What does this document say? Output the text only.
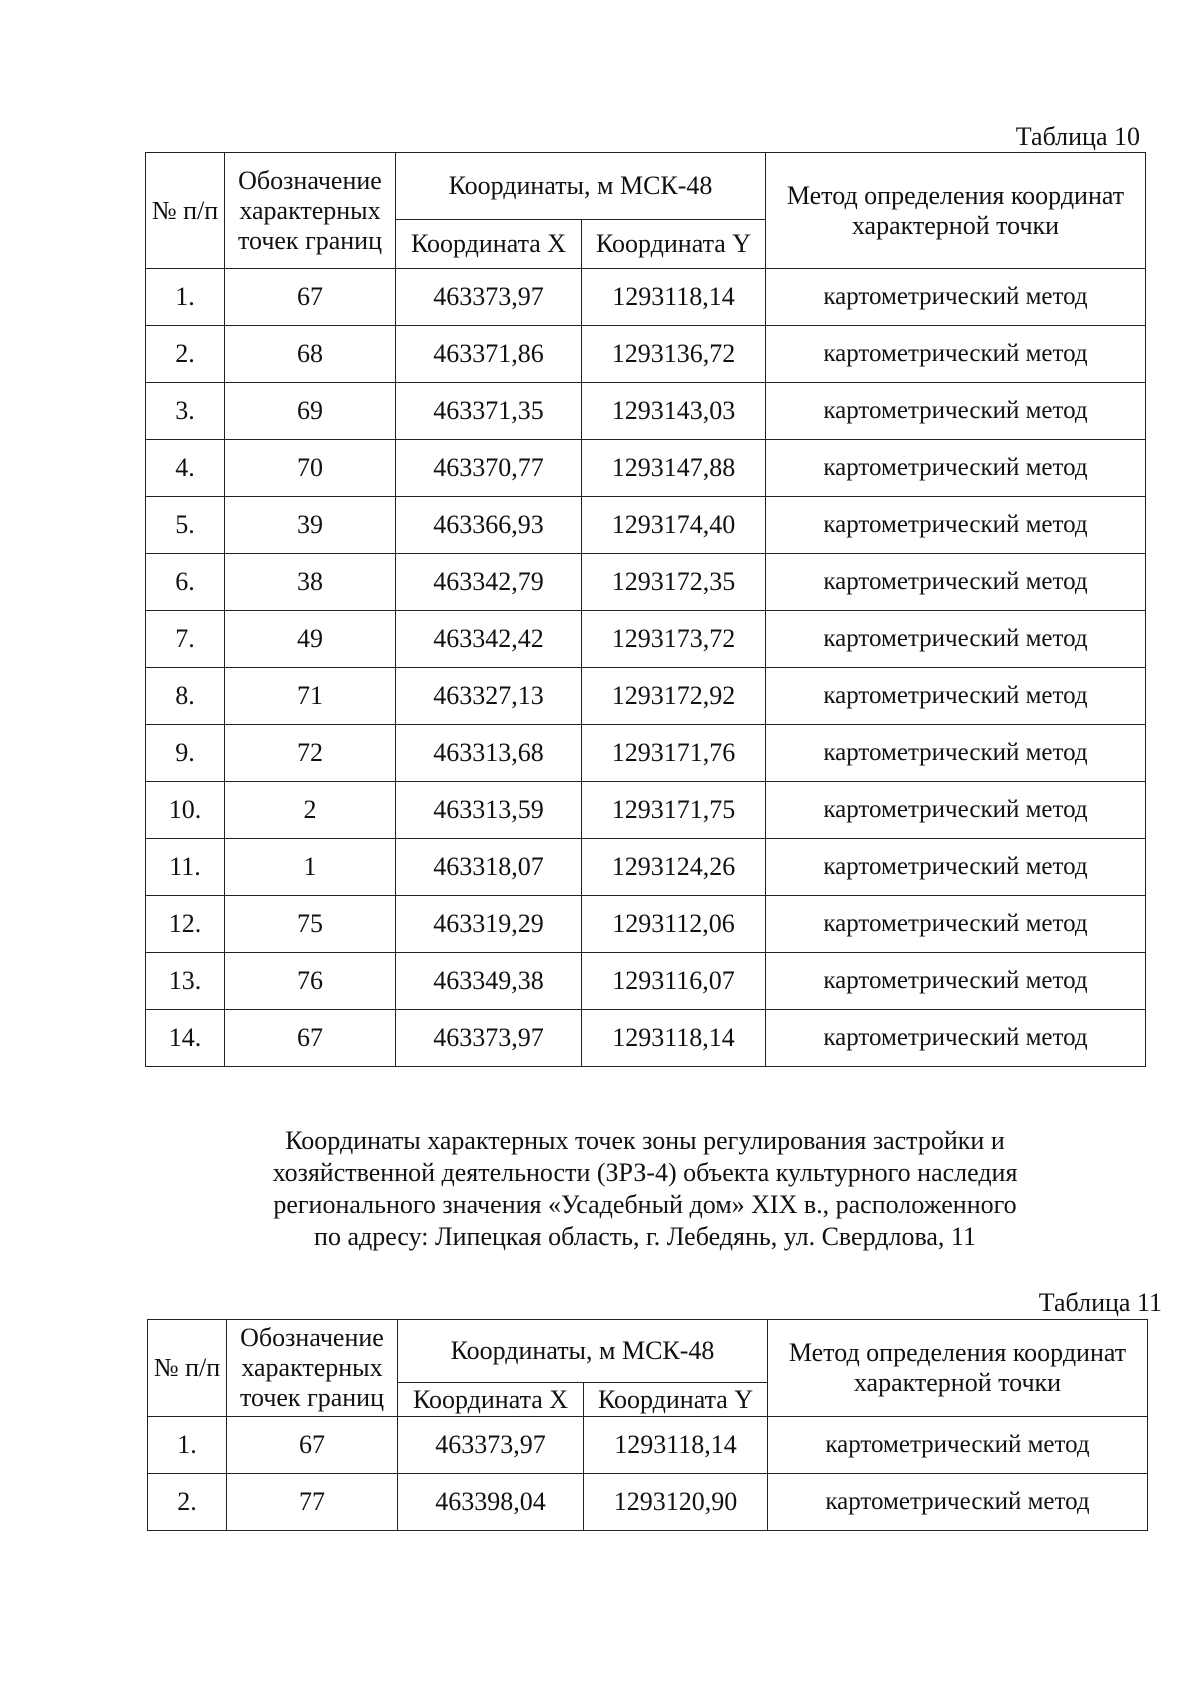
Таблица 10
№ п/п	Обозначение характерных точек границ	Координаты, м МСК-48		Метод определения координат характерной точки
		Координата X	Координата Y	
1.	67	463373,97	1293118,14	картометрический метод
2.	68	463371,86	1293136,72	картометрический метод
3.	69	463371,35	1293143,03	картометрический метод
4.	70	463370,77	1293147,88	картометрический метод
5.	39	463366,93	1293174,40	картометрический метод
6.	38	463342,79	1293172,35	картометрический метод
7.	49	463342,42	1293173,72	картометрический метод
8.	71	463327,13	1293172,92	картометрический метод
9.	72	463313,68	1293171,76	картометрический метод
10.	2	463313,59	1293171,75	картометрический метод
11.	1	463318,07	1293124,26	картометрический метод
12.	75	463319,29	1293112,06	картометрический метод
13.	76	463349,38	1293116,07	картометрический метод
14.	67	463373,97	1293118,14	картометрический метод
Координаты характерных точек зоны регулирования застройки и
хозяйственной деятельности (ЗРЗ-4) объекта культурного наследия
регионального значения «Усадебный дом» XIX в., расположенного
по адресу: Липецкая область, г. Лебедянь, ул. Свердлова, 11
Таблица 11
№ п/п	Обозначение характерных точек границ	Координаты, м МСК-48		Метод определения координат характерной точки
		Координата X	Координата Y	
1.	67	463373,97	1293118,14	картометрический метод
2.	77	463398,04	1293120,90	картометрический метод
